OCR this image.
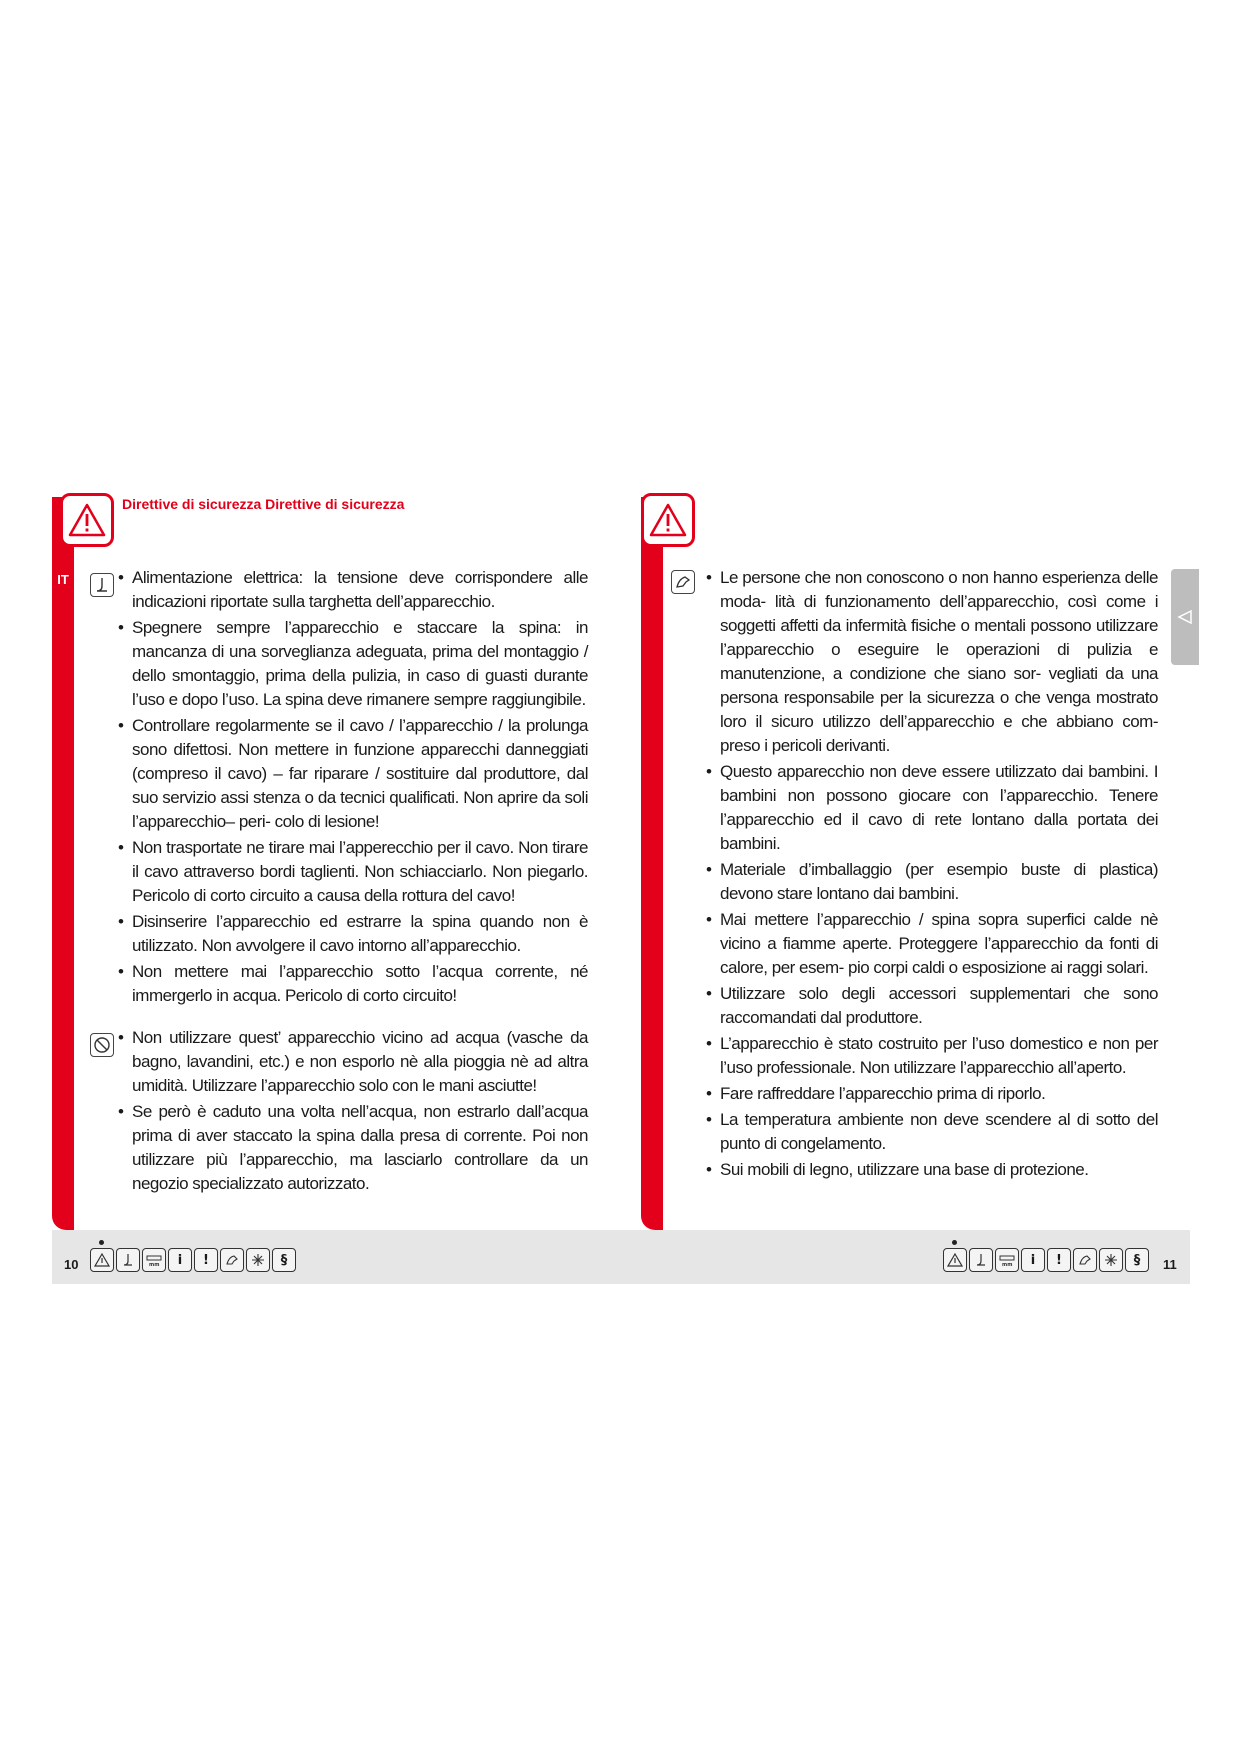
Direttive di sicurezza Direttive di sicurezza
IT
•	Alimentazione elettrica: la tensione deve corrispondere alle indicazioni riportate sulla targhetta dell’apparecchio.
• Spegnere sempre l’apparecchio e staccare la spina: in mancanza di una sorveglianza adeguata, prima del montaggio / dello smontaggio, prima della pulizia, in caso di guasti durante l’uso e dopo l’uso. La spina deve rimanere sempre raggiungibile.
• Controllare regolarmente se il cavo / l’apparecchio / la prolunga sono difettosi. Non mettere in funzione apparecchi danneggiati (compreso il cavo) – far riparare / sostituire dal produttore, dal suo servizio assi stenza o da tecnici qualificati. Non aprire da soli l’apparecchio– peri- colo di lesione!
• Non trasportate ne tirare mai l’apperecchio per il cavo. Non tirare il cavo attraverso bordi taglienti. Non schiacciarlo. Non piegarlo. Pericolo di corto circuito a causa della rottura del cavo!
• Disinserire l’apparecchio ed estrarre la spina quando non è utilizzato. Non avvolgere il cavo intorno all’apparecchio.
• Non mettere mai l’apparecchio sotto l’acqua corrente, né immergerlo in acqua. Pericolo di corto circuito!
• Non utilizzare quest’ apparecchio vicino ad acqua (vasche da bagno, lavandini, etc.) e non esporlo nè alla pioggia nè ad altra umidità. Utilizzare l’apparecchio solo con le mani asciutte!
• Se però è caduto una volta nell’acqua, non estrarlo dall’acqua prima di aver staccato la spina dalla presa di corrente. Poi non utilizzare più l’apparecchio, ma lasciarlo controllare da un negozio specializzato autorizzato.
• Le persone che non conoscono o non hanno esperienza delle moda- lità di funzionamento dell’apparecchio, così come i soggetti affetti da infermità fisiche o mentali possono utilizzare l’apparecchio o eseguire le operazioni di pulizia e manutenzione, a condizione che siano sor- vegliati da una persona responsabile per la sicurezza o che venga mostrato loro il sicuro utilizzo dell’apparecchio e che abbiano com- preso i pericoli derivanti.
• Questo apparecchio non deve essere utilizzato dai bambini. I bambini non possono giocare con l’apparecchio. Tenere l’apparecchio ed il cavo di rete lontano dalla portata dei bambini.
• Materiale d’imballaggio (per esempio buste di plastica) devono stare lontano dai bambini.
• Mai mettere l’apparecchio / spina sopra superfici calde nè vicino a fiamme aperte. Proteggere l’apparecchio da fonti di calore, per esem- pio corpi caldi o esposizione ai raggi solari.
• Utilizzare solo degli accessori supplementari che sono raccomandati dal produttore.
• L’apparecchio è stato costruito per l’uso domestico e non per l’uso professionale. Non utilizzare l’apparecchio all’aperto.
• Fare raffreddare l’apparecchio prima di riporlo.
• La temperatura ambiente non deve scendere al di sotto del punto di congelamento.
• Sui mobili di legno, utilizzare una base di protezione.
10	mm	i	!	§	mm	i	!	§	11
